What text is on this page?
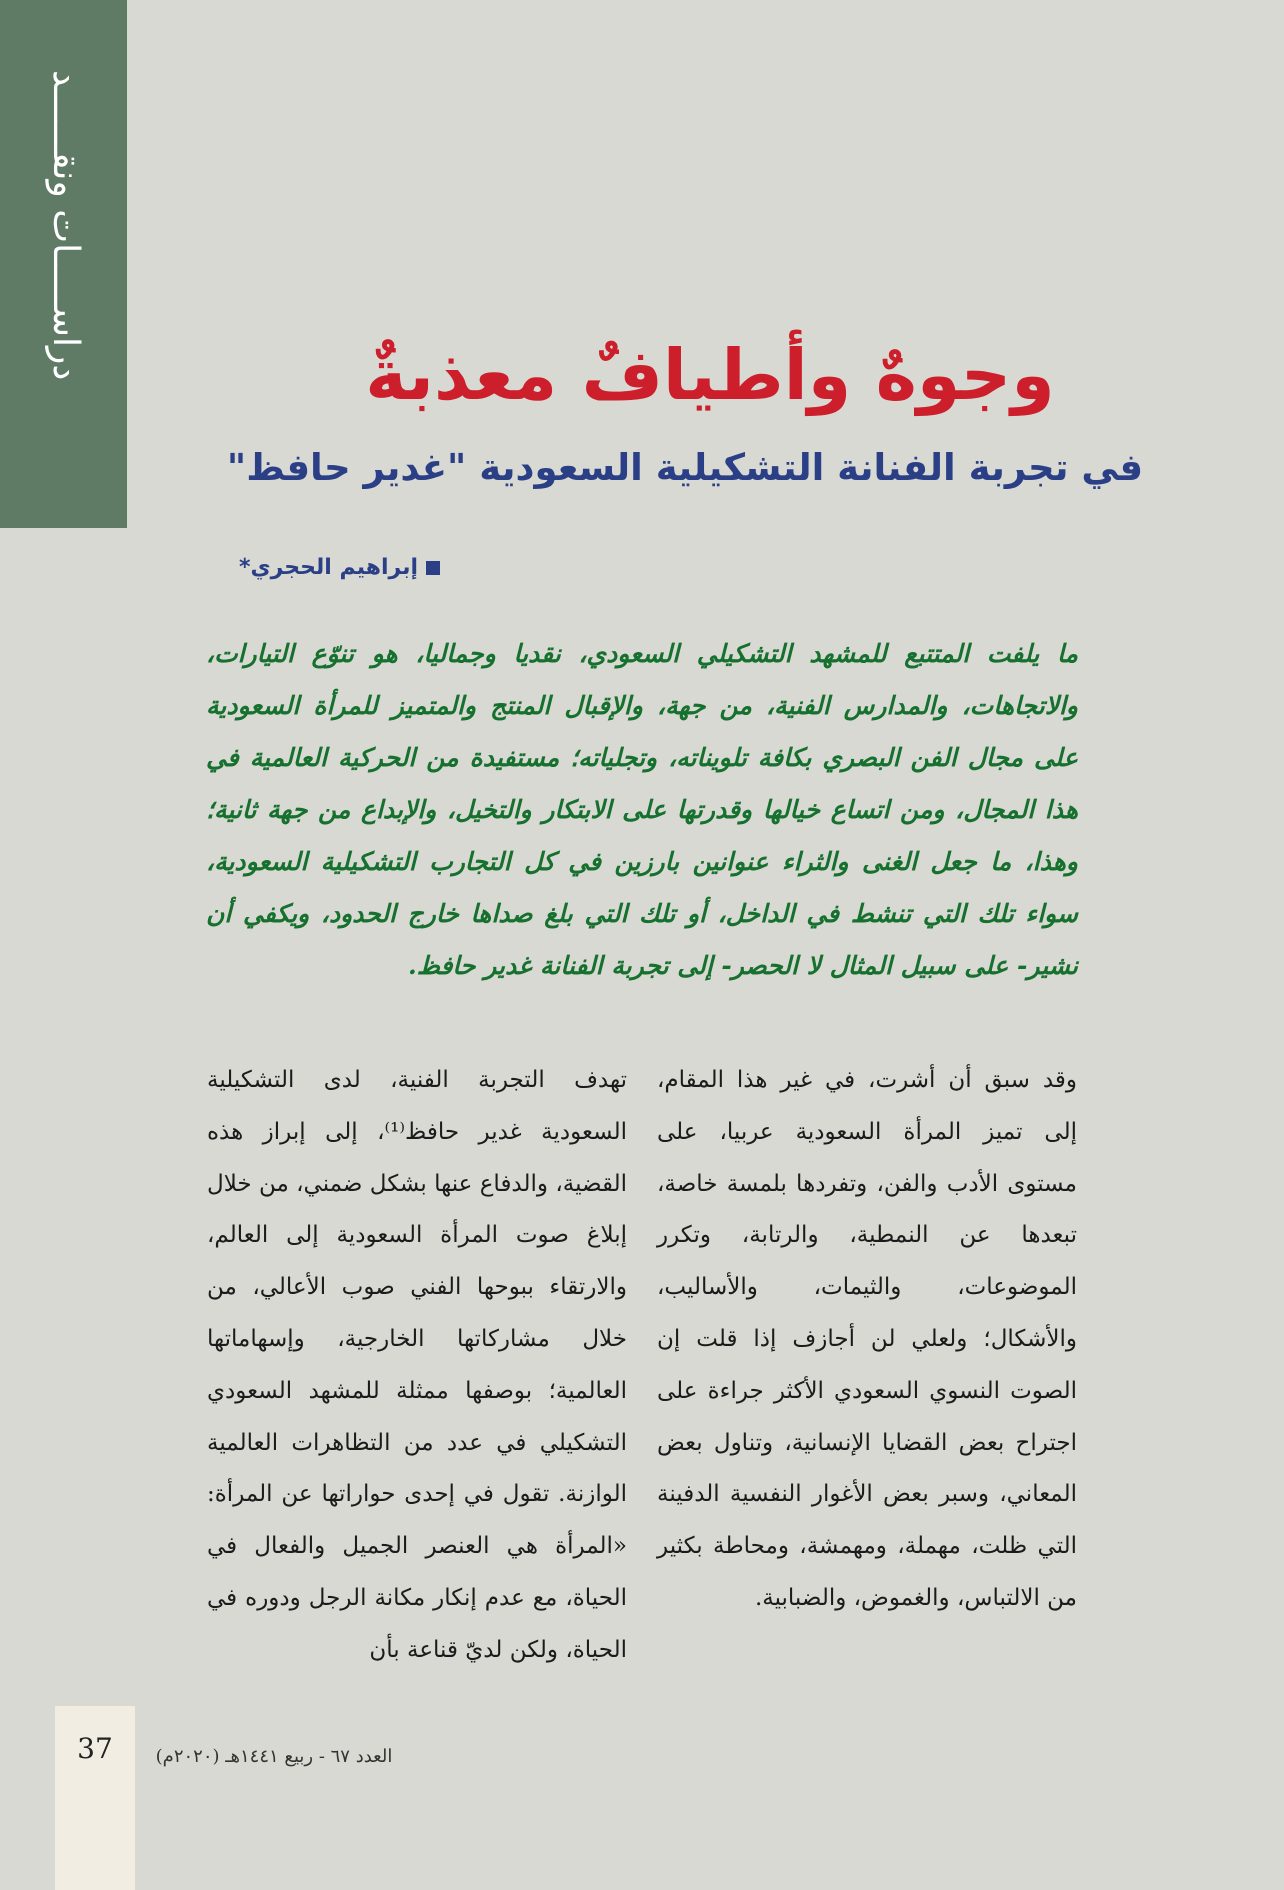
دراســـــات ونقــــــد	وجوهٌ وأطيافٌ معذبةٌ
في تجربة الفنانة التشكيلية السعودية "غدير حافظ"
إبراهيم الحجري*
ما يلفت المتتبع للمشهد التشكيلي السعودي، نقديا وجماليا، هو تنوّع التيارات، والاتجاهات، والمدارس الفنية، من جهة، والإقبال المنتج والمتميز للمرأة السعودية على مجال الفن البصري بكافة تلويناته، وتجلياته؛ مستفيدة من الحركية العالمية في هذا المجال، ومن اتساع خيالها وقدرتها على الابتكار والتخيل، والإبداع من جهة ثانية؛ وهذا، ما جعل الغنى والثراء عنوانين بارزين في كل التجارب التشكيلية السعودية، سواء تلك التي تنشط في الداخل، أو تلك التي بلغ صداها خارج الحدود، ويكفي أن نشير- على سبيل المثال لا الحصر- إلى تجربة الفنانة غدير حافظ.
وقد سبق أن أشرت، في غير هذا المقام، إلى تميز المرأة السعودية عربيا، على مستوى الأدب والفن، وتفردها بلمسة خاصة، تبعدها عن النمطية، والرتابة، وتكرر الموضوعات، والثيمات، والأساليب، والأشكال؛ ولعلي لن أجازف إذا قلت إن الصوت النسوي السعودي الأكثر جراءة على اجتراح بعض القضايا الإنسانية، وتناول بعض المعاني، وسبر بعض الأغوار النفسية الدفينة التي ظلت، مهملة، ومهمشة، ومحاطة بكثير من الالتباس، والغموض، والضبابية.
تهدف التجربة الفنية، لدى التشكيلية السعودية غدير حافظ⁽¹⁾، إلى إبراز هذه القضية، والدفاع عنها بشكل ضمني، من خلال إبلاغ صوت المرأة السعودية إلى العالم، والارتقاء ببوحها الفني صوب الأعالي، من خلال مشاركاتها الخارجية، وإسهاماتها العالمية؛ بوصفها ممثلة للمشهد السعودي التشكيلي في عدد من التظاهرات العالمية الوازنة. تقول في إحدى حواراتها عن المرأة: «المرأة هي العنصر الجميل والفعال في الحياة، مع عدم إنكار مكانة الرجل ودوره في الحياة، ولكن لديّ قناعة بأن
37	العدد ٦٧ - ربيع ١٤٤١هـ (٢٠٢٠م)
